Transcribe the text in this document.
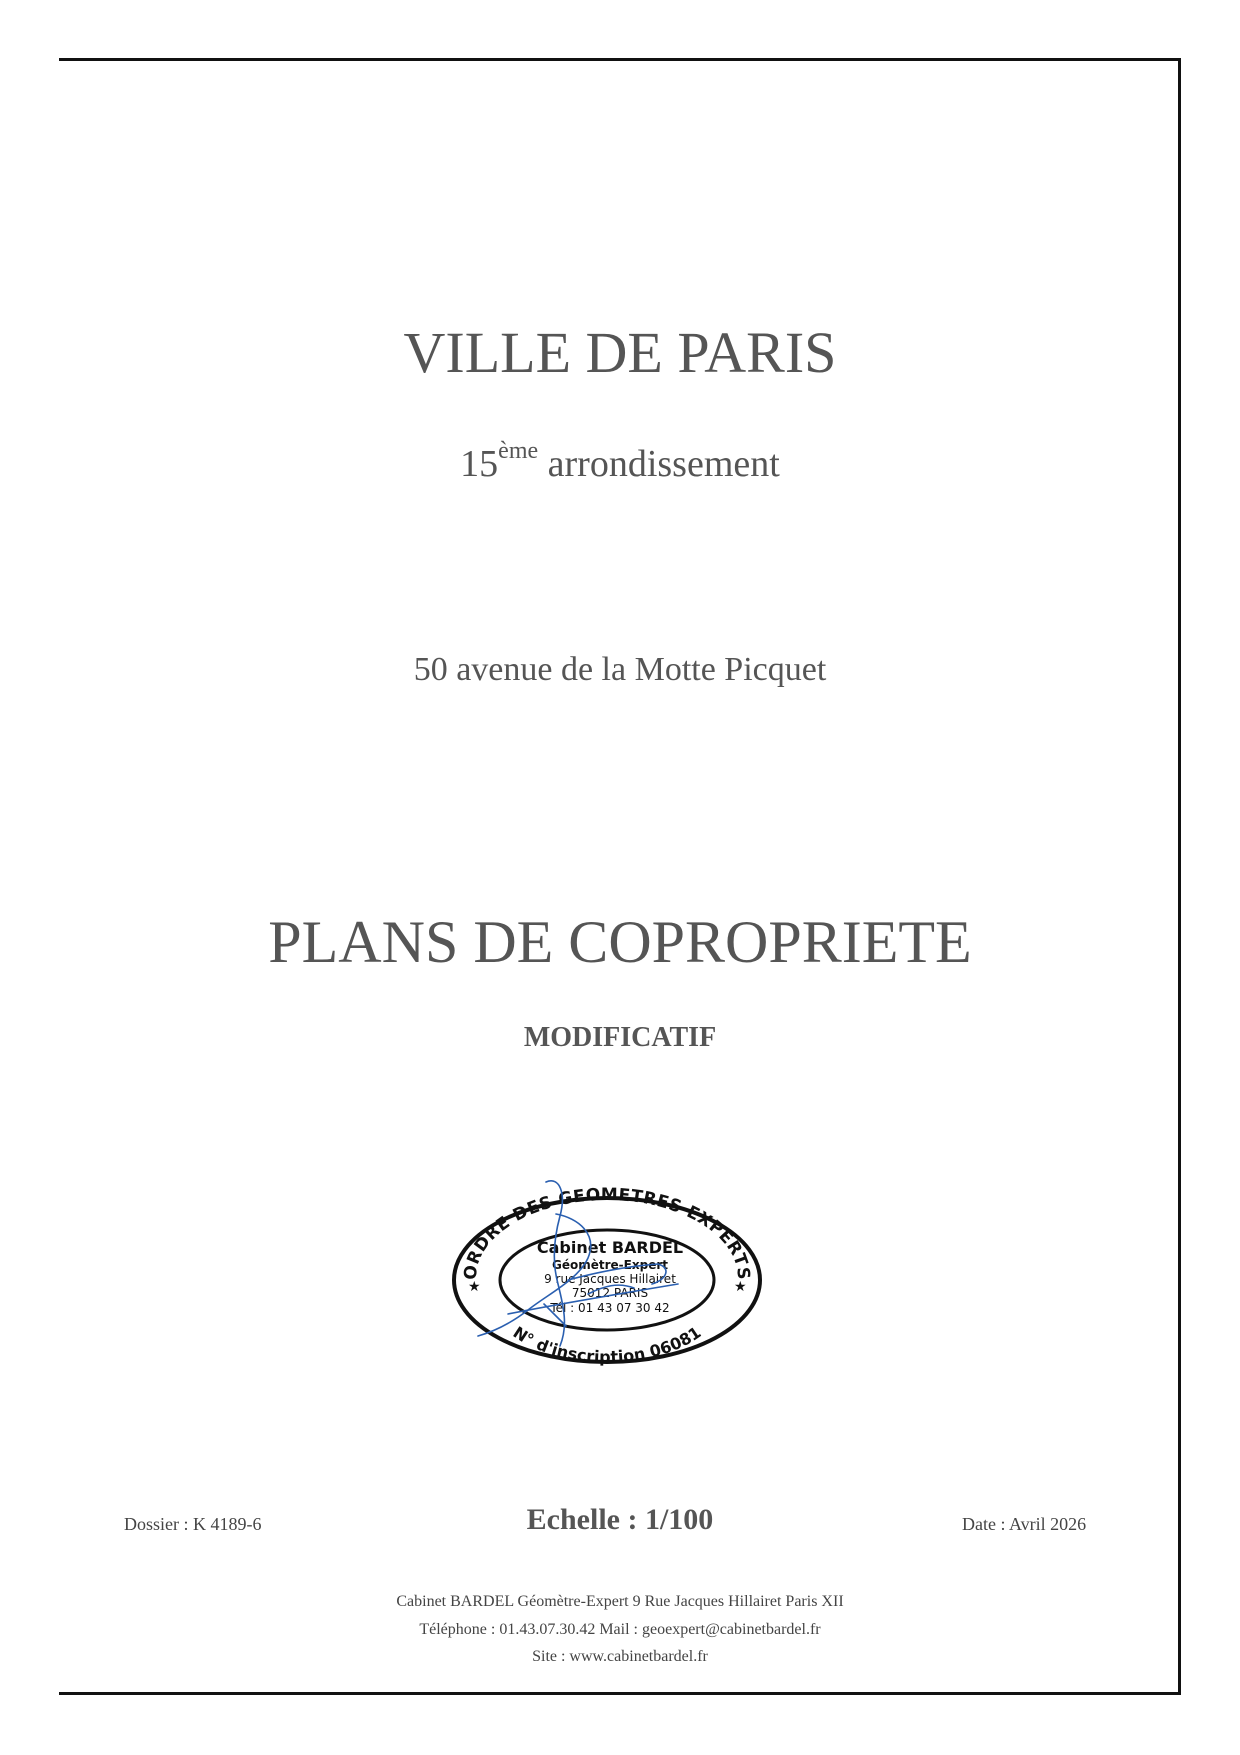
VILLE DE PARIS
15ème arrondissement
50 avenue de la Motte Picquet
PLANS DE COPROPRIETE
MODIFICATIF
★	★
ORDRE DES GEOMETRES EXPERTS
N° d'inscription 06081
Cabinet BARDEL
Géomètre-Expert
9 rue Jacques Hillairet
75012 PARIS
Tél : 01 43 07 30 42
Dossier : K 4189-6	Echelle : 1/100	Date : Avril 2026
Cabinet BARDEL Géomètre-Expert 9 Rue Jacques Hillairet Paris XII
Téléphone : 01.43.07.30.42 Mail : geoexpert@cabinetbardel.fr
Site : www.cabinetbardel.fr
